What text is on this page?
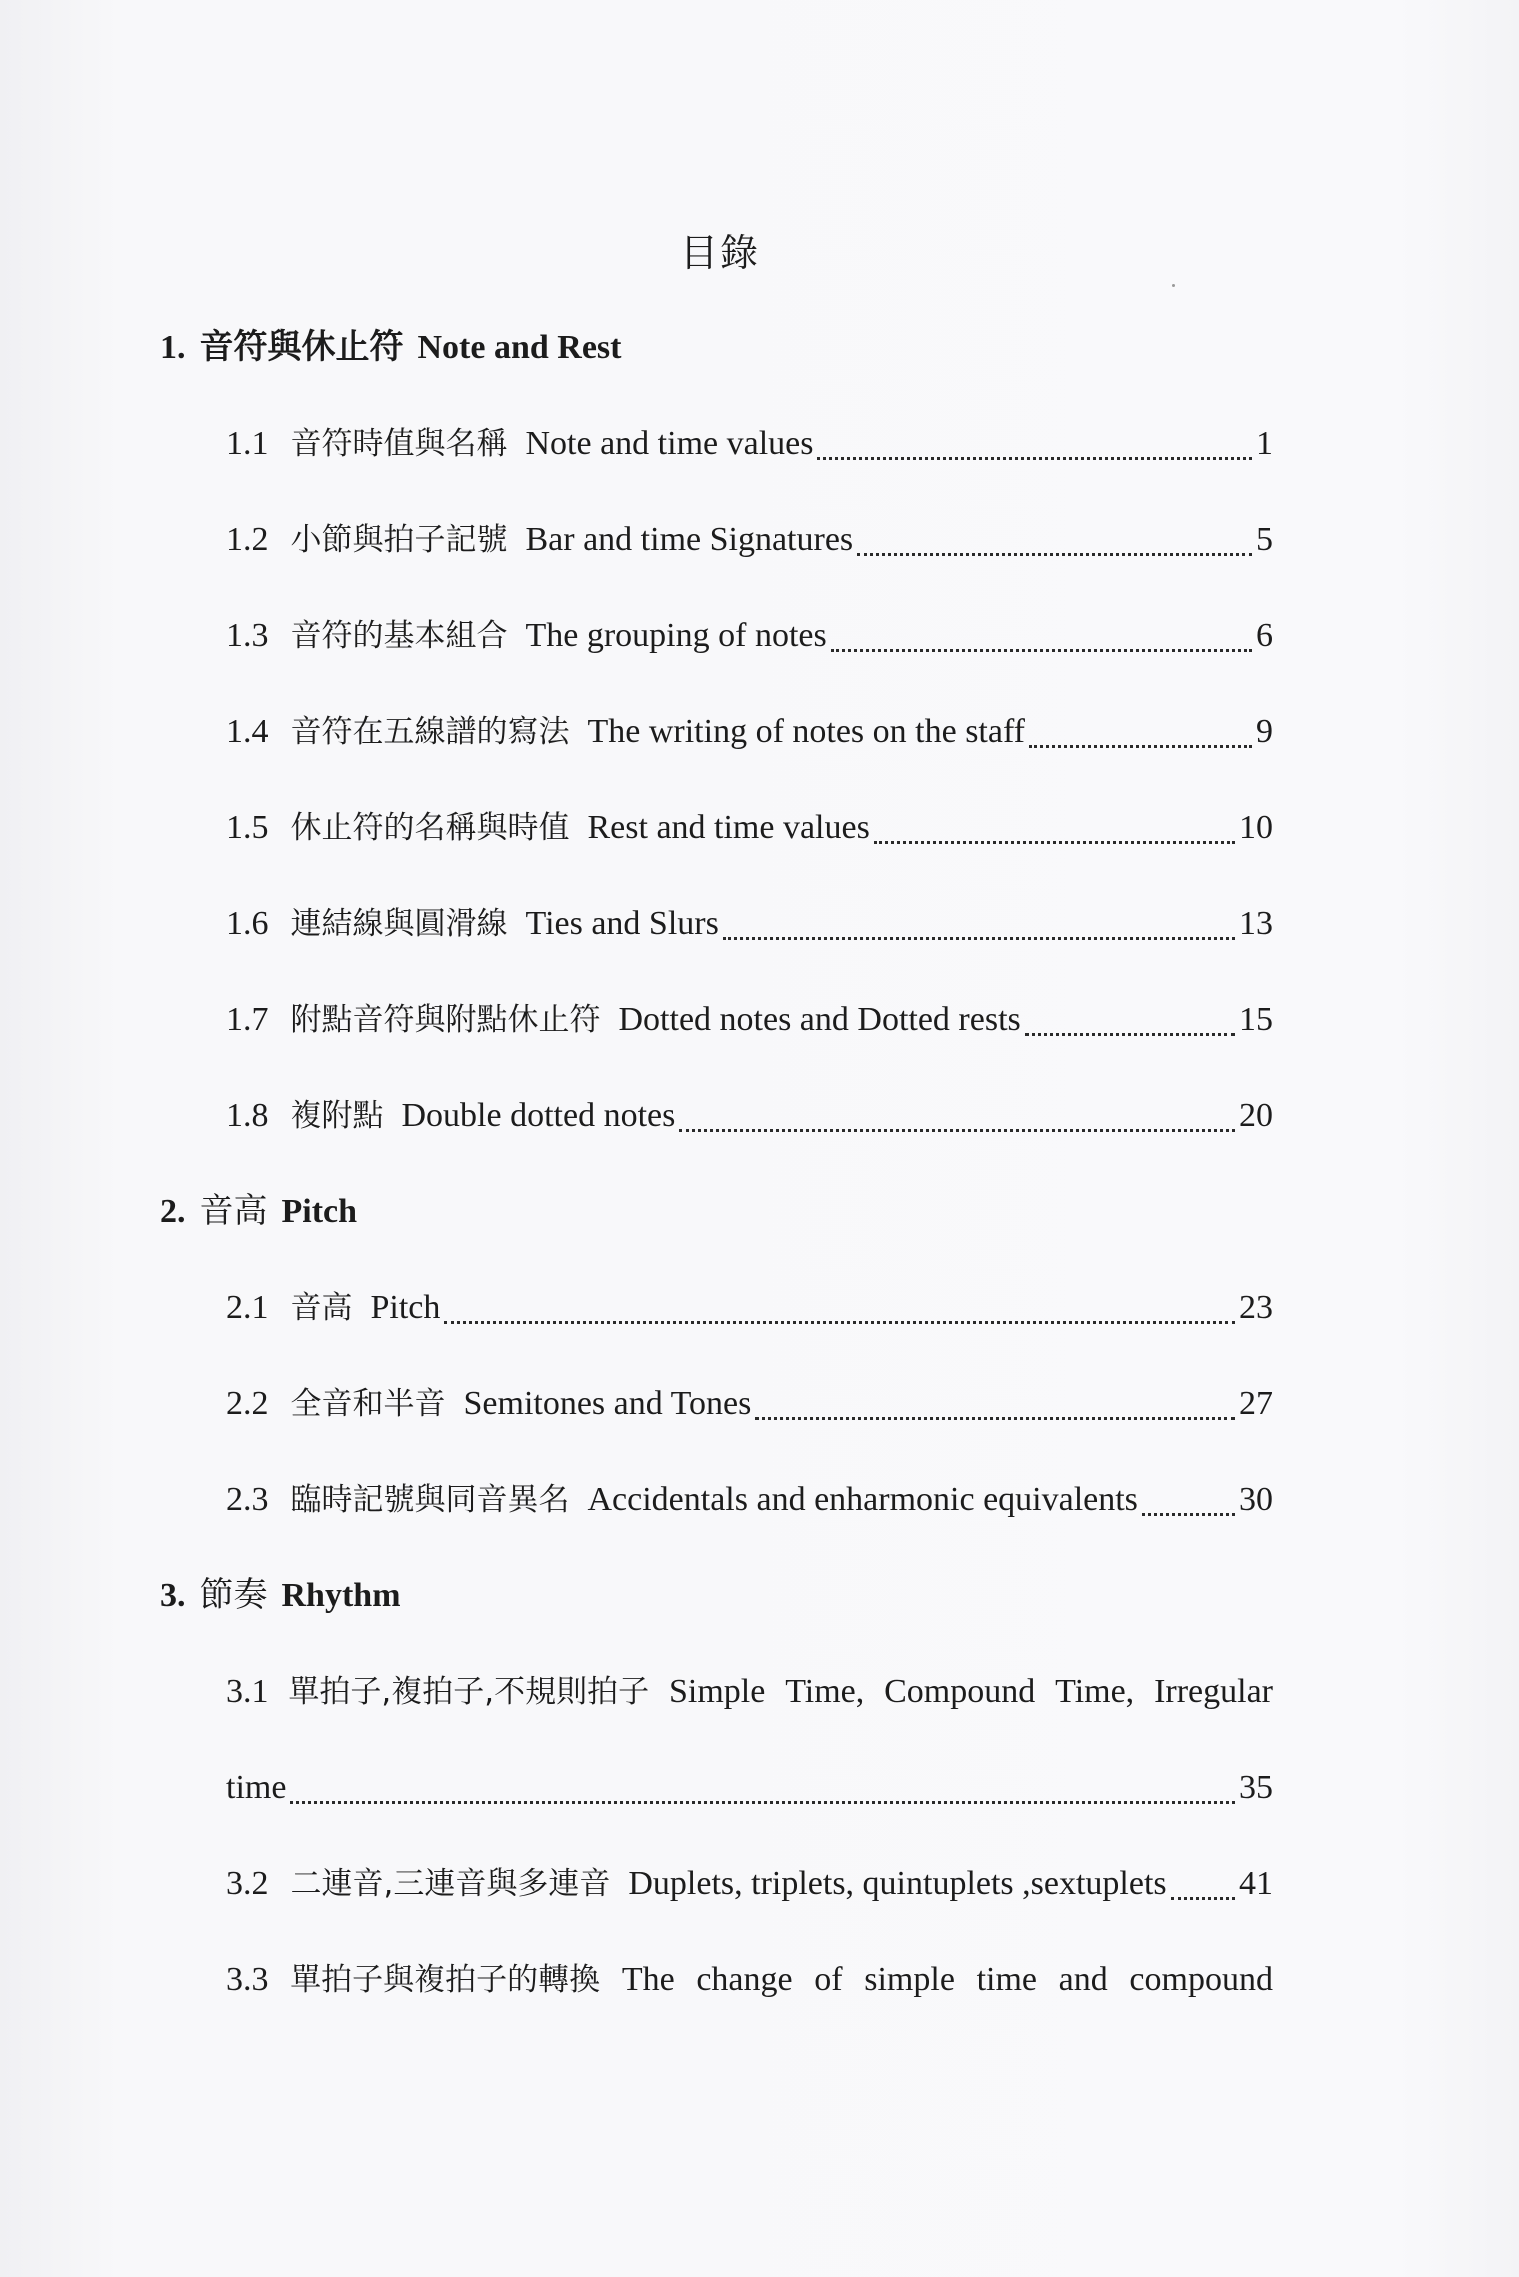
目錄
1. 音符與休止符 Note and Rest
1.1 音符時值與名稱 Note and time values	1
1.2 小節與拍子記號 Bar and time Signatures	5
1.3 音符的基本組合 The grouping of notes	6
1.4 音符在五線譜的寫法 The writing of notes on the staff	9
1.5 休止符的名稱與時值 Rest and time values	10
1.6 連結線與圓滑線 Ties and Slurs	13
1.7 附點音符與附點休止符 Dotted notes and Dotted rests	15
1.8 複附點 Double dotted notes	20
2. 音高 Pitch
2.1 音高 Pitch	23
2.2 全音和半音 Semitones and Tones	27
2.3 臨時記號與同音異名 Accidentals and enharmonic equivalents	30
3. 節奏 Rhythm
3.1 單拍子,複拍子,不規則拍子 Simple Time, Compound Time, Irregular
time	35
3.2 二連音,三連音與多連音 Duplets, triplets, quintuplets ,sextuplets 41
3.3 單拍子與複拍子的轉換 The change of simple time and compound
